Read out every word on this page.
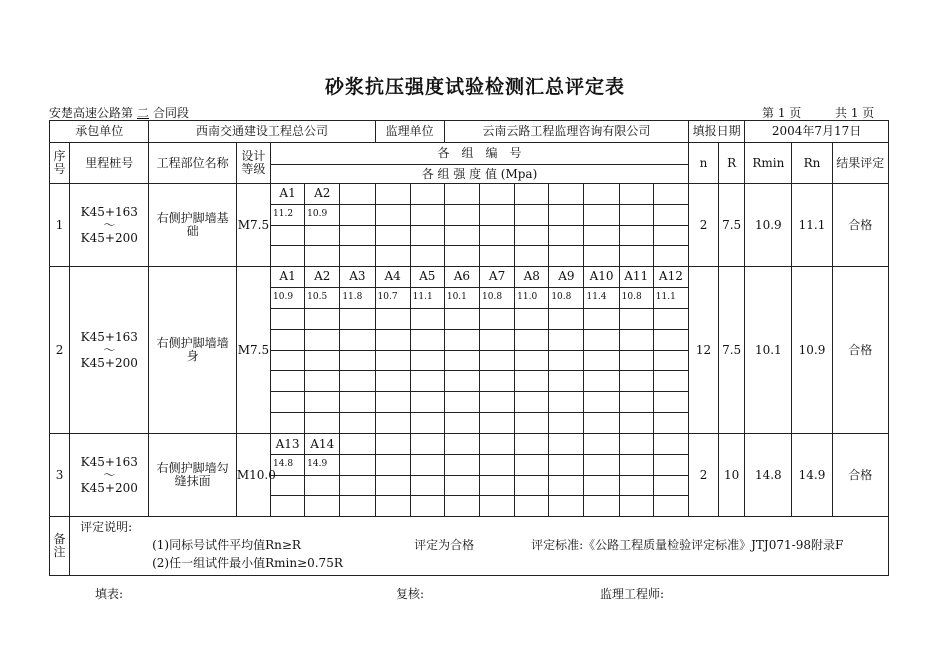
砂浆抗压强度试验检测汇总评定表
安楚高速公路第 二 合同段	第 1 页	共 1 页
承包单位		西南交通建设工程总公司					监理单位		云南云路工程监理咨询有限公司							填报日期		2004年7月17日		
序号	里程桩号	工程部位名称	设计等级	各　组　编　号												n	R	Rmin	Rn	结果评定
				各 组 强 度 值 (Mpa)																
1	K45+163
～
K45+200	右侧护脚墙基础	M7.5	A1	A2											2	7.5	10.9	11.1	合格
				11.2	10.9															

2	K45+163
～
K45+200	右侧护脚墙墙身	M7.5	A1	A2	A3	A4	A5	A6	A7	A8	A9	A10	A11	A12	12	7.5	10.1	10.9	合格
				10.9	10.5	11.8	10.7	11.1	10.1	10.8	11.0	10.8	11.4	10.8	11.1					

3	K45+163
～
K45+200	右侧护脚墙勾缝抹面	M10.0	A13	A14											2	10	14.8	14.9	合格
				14.8	14.9															

备注	评定说明:
(1)同标号试件平均值Rn≥R 评定为合格 评定标准:《公路工程质量检验评定标准》JTJ071-98附录F
(2)任一组试件最小值Rmin≥0.75R																			
填表:	复核:	监理工程师:
